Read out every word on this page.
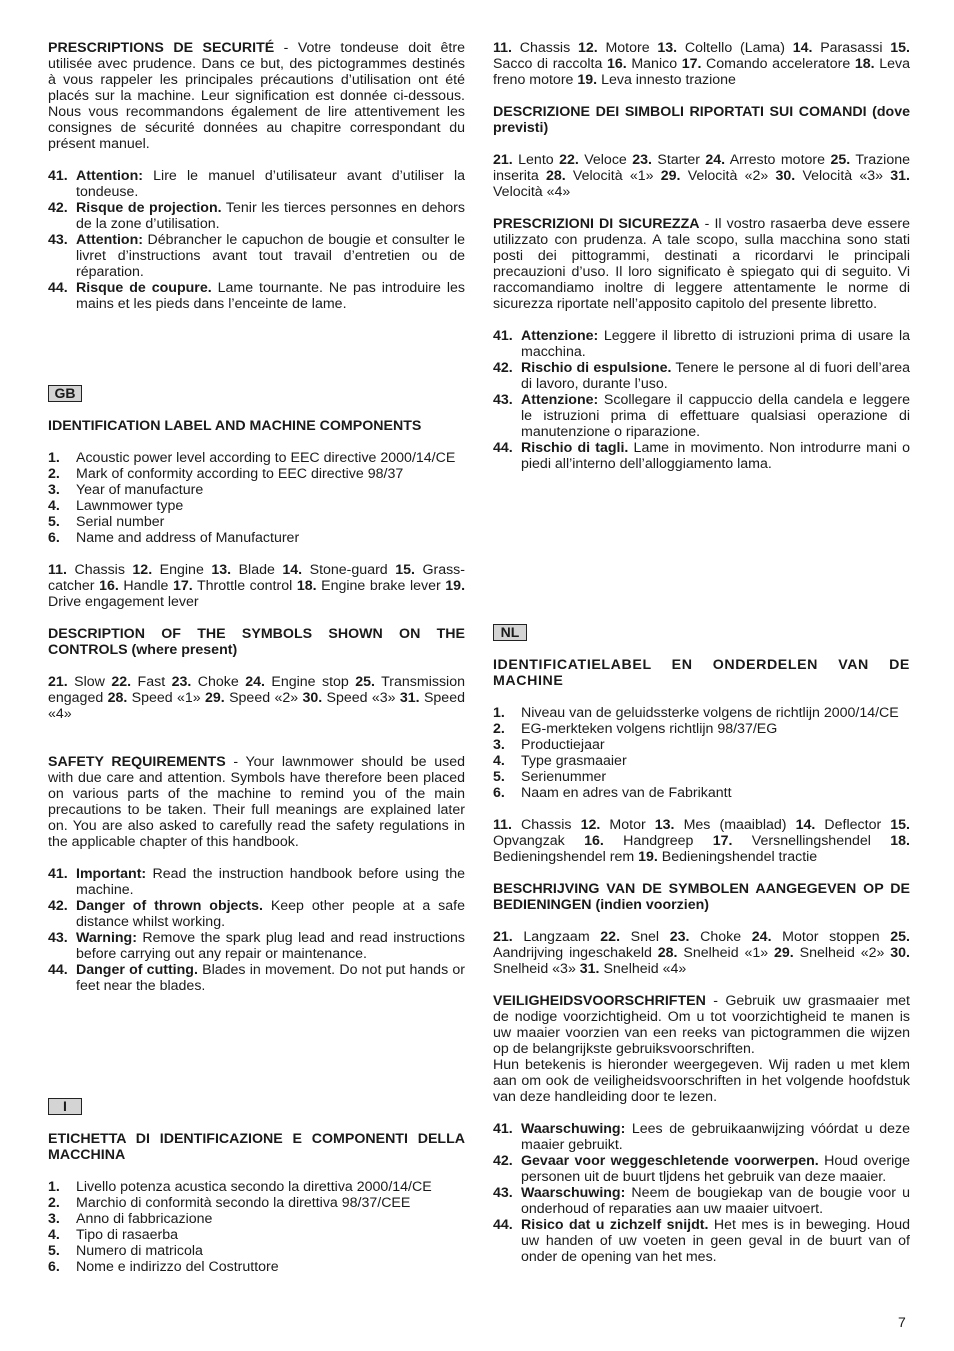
PRESCRIPTIONS DE SECURITÉ - Votre tondeuse doit être utilisée avec prudence. Dans ce but, des pictogrammes destinés à vous rappeler les principales précautions d’utilisation ont été placés sur la machine. Leur signification est donnée ci-dessous. Nous vous recommandons également de lire attentivement les consignes de sécurité données au chapitre correspondant du présent manuel.

41. Attention: Lire le manuel d’utilisateur avant d’utiliser la tondeuse.
42. Risque de projection. Tenir les tierces personnes en dehors de la zone d’utilisation.
43. Attention: Débrancher le capuchon de bougie et consulter le livret d’instructions avant tout travail d’entretien ou de réparation.
44. Risque de coupure. Lame tournante. Ne pas introduire les mains et les pieds dans l’enceinte de lame.
GB

IDENTIFICATION LABEL AND MACHINE COMPONENTS

1. Acoustic power level according to EEC directive 2000/14/CE
2. Mark of conformity according to EEC directive 98/37
3. Year of manufacture
4. Lawnmower type
5. Serial number
6. Name and address of Manufacturer

11. Chassis 12. Engine 13. Blade 14. Stone-guard 15. Grass-catcher 16. Handle 17. Throttle control 18. Engine brake lever 19. Drive engagement lever

DESCRIPTION OF THE SYMBOLS SHOWN ON THE CONTROLS (where present)

21. Slow 22. Fast 23. Choke 24. Engine stop 25. Transmission engaged 28. Speed «1» 29. Speed «2» 30. Speed «3» 31. Speed «4»

SAFETY REQUIREMENTS - Your lawnmower should be used with due care and attention. Symbols have therefore been placed on various parts of the machine to remind you of the main precautions to be taken. Their full meanings are explained later on. You are also asked to carefully read the safety regulations in the applicable chapter of this handbook.

41. Important: Read the instruction handbook before using the machine.
42. Danger of thrown objects. Keep other people at a safe distance whilst working.
43. Warning: Remove the spark plug lead and read instructions before carrying out any repair or maintenance.
44. Danger of cutting. Blades in movement. Do not put hands or feet near the blades.
I

ETICHETTA DI IDENTIFICAZIONE E COMPONENTI DELLA MACCHINA

1. Livello potenza acustica secondo la direttiva 2000/14/CE
2. Marchio di conformità secondo la direttiva 98/37/CEE
3. Anno di fabbricazione
4. Tipo di rasaerba
5. Numero di matricola
6. Nome e indirizzo del Costruttore

11. Chassis 12. Motore 13. Coltello (Lama) 14. Parasassi 15. Sacco di raccolta 16. Manico 17. Comando acceleratore 18. Leva freno motore 19. Leva innesto trazione

DESCRIZIONE DEI SIMBOLI RIPORTATI SUI COMANDI (dove previsti)

21. Lento 22. Veloce 23. Starter 24. Arresto motore 25. Trazione inserita 28. Velocità «1» 29. Velocità «2» 30. Velocità «3» 31. Velocità «4»

PRESCRIZIONI DI SICUREZZA - Il vostro rasaerba deve essere utilizzato con prudenza. A tale scopo, sulla macchina sono stati posti dei pittogrammi, destinati a ricordarvi le principali precauzioni d’uso. Il loro significato è spiegato qui di seguito. Vi raccomandiamo inoltre di leggere attentamente le norme di sicurezza riportate nell’apposito capitolo del presente libretto.

41. Attenzione: Leggere il libretto di istruzioni prima di usare la macchina.
42. Rischio di espulsione. Tenere le persone al di fuori dell’area di lavoro, durante l’uso.
43. Attenzione: Scollegare il cappuccio della candela e leggere le istruzioni prima di effettuare qualsiasi operazione di manutenzione o riparazione.
44. Rischio di tagli. Lame in movimento. Non introdurre mani o piedi all’interno dell’alloggiamento lama.
NL

IDENTIFICATIELABEL EN ONDERDELEN VAN DE MACHINE

1. Niveau van de geluidssterke volgens de richtlijn 2000/14/CE
2. EG-merkteken volgens richtlijn 98/37/EG
3. Productiejaar
4. Type grasmaaier
5. Serienummer
6. Naam en adres van de Fabrikantt

11. Chassis 12. Motor 13. Mes (maaiblad) 14. Deflector 15. Opvangzak 16. Handgreep 17. Versnellingshendel 18. Bedieningshendel rem 19. Bedieningshendel tractie

BESCHRIJVING VAN DE SYMBOLEN AANGEGEVEN OP DE BEDIENINGEN (indien voorzien)

21. Langzaam 22. Snel 23. Choke 24. Motor stoppen 25. Aandrijving ingeschakeld 28. Snelheid «1» 29. Snelheid «2» 30. Snelheid «3» 31. Snelheid «4»

VEILIGHEIDSVOORSCHRIFTEN - Gebruik uw grasmaaier met de nodige voorzichtigheid. Om u tot voorzichtigheid te manen is uw maaier voorzien van een reeks van pictogrammen die wijzen op de belangrijkste gebruiksvoorschriften.

Hun betekenis is hieronder weergegeven. Wij raden u met klem aan om ook de veiligheidsvoorschriften in het volgende hoofdstuk van deze handleiding door te lezen.

41. Waarschuwing: Lees de gebruikaanwijzing vóórdat u deze maaier gebruikt.
42. Gevaar voor weggeschletende voorwerpen. Houd overige personen uit de buurt tljdens het gebruik van deze maaier.
43. Waarschuwing: Neem de bougiekap van de bougie voor u onderhoud of reparaties aan uw maaier uitvoert.
44. Risico dat u zichzelf snijdt. Het mes is in beweging. Houd uw handen of uw voeten in geen geval in de buurt van of onder de opening van het mes.
7
